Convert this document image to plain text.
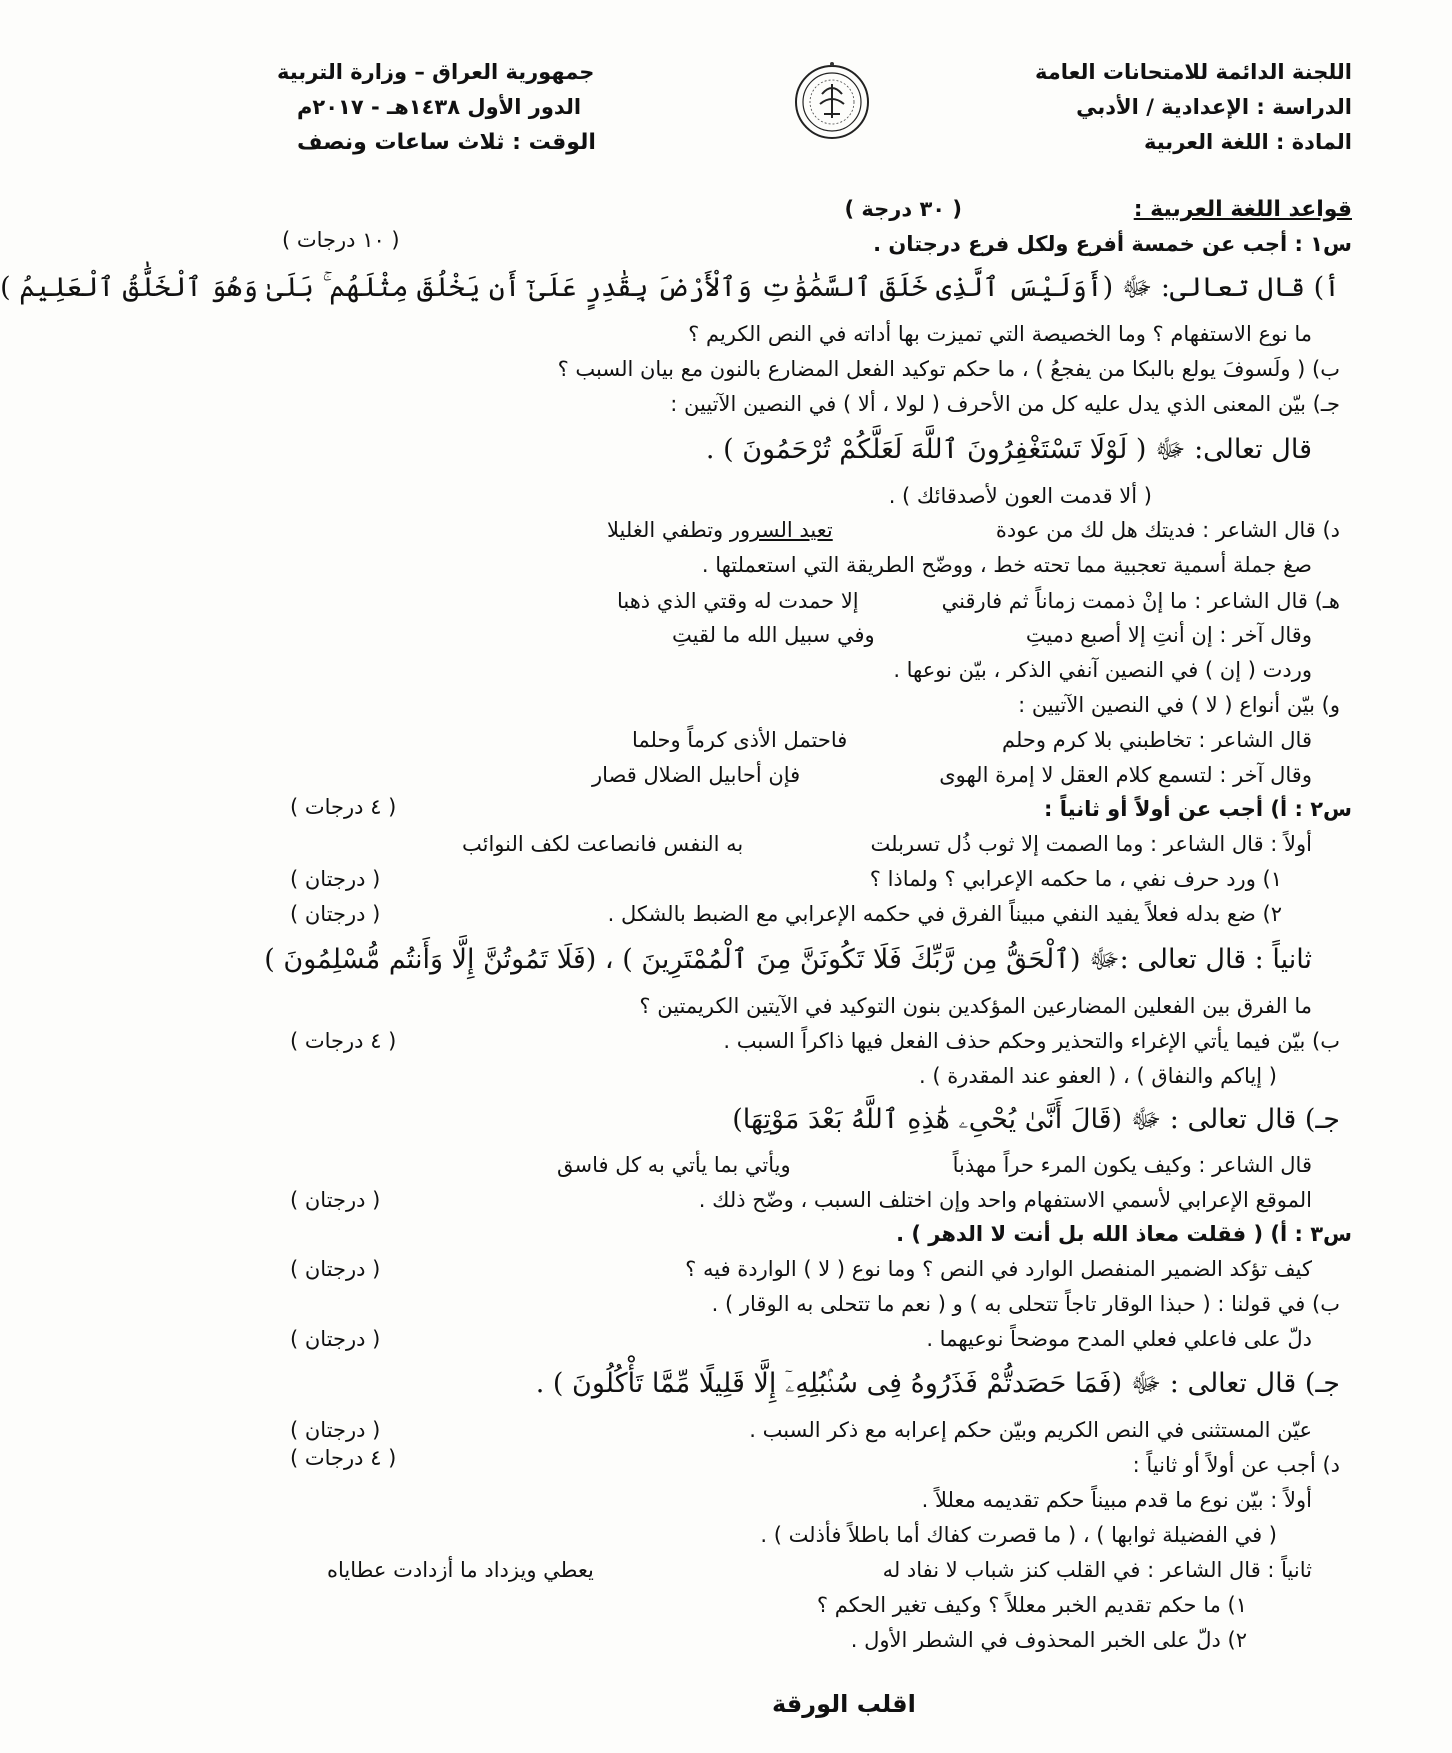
اللجنة الدائمة للامتحانات العامة
الدراسة : الإعدادية / الأدبي
المادة : اللغة العربية
جمهورية العراق – وزارة التربية
الدور الأول ١٤٣٨هـ - ٢٠١٧م
الوقت : ثلاث ساعات ونصف
قواعد اللغة العربية :
( ٣٠ درجة )
س١ : أجب عن خمسة أفرع ولكل فرع درجتان .
( ١٠ درجات )
أ) قال تعالى: ﷻ (أَوَلَيْسَ ٱلَّذِى خَلَقَ ٱلسَّمَٰوَٰتِ وَٱلْأَرْضَ بِقَٰدِرٍ عَلَىٰٓ أَن يَخْلُقَ مِثْلَهُم ۚ بَلَىٰ وَهُوَ ٱلْخَلَّٰقُ ٱلْعَلِيمُ )
ما نوع الاستفهام ؟ وما الخصيصة التي تميزت بها أداته في النص الكريم ؟
ب) ( ولَسوفَ يولع بالبكا من يفجعُ ) ، ما حكم توكيد الفعل المضارع بالنون مع بيان السبب ؟
جـ) بيّن المعنى الذي يدل عليه كل من الأحرف ( لولا ، ألا ) في النصين الآتيين :
قال تعالى: ﷻ ( لَوْلَا تَسْتَغْفِرُونَ ٱللَّهَ لَعَلَّكُمْ تُرْحَمُونَ ) .
( ألا قدمت العون لأصدقائك ) .
د) قال الشاعر : فديتك هل لك من عودة
تعيد السرور وتطفي الغليلا
صغ جملة أسمية تعجبية مما تحته خط ، ووضّح الطريقة التي استعملتها .
هـ) قال الشاعر : ما إنْ ذممت زماناً ثم فارقني
إلا حمدت له وقتي الذي ذهبا
وقال آخر : إن أنتِ إلا أصبع دميتِ
وفي سبيل الله ما لقيتِ
وردت ( إن ) في النصين آنفي الذكر ، بيّن نوعها .
و) بيّن أنواع ( لا ) في النصين الآتيين :
قال الشاعر : تخاطبني بلا كرم وحلم
فاحتمل الأذى كرماً وحلما
وقال آخر : لتسمع كلام العقل لا إمرة الهوى
فإن أحابيل الضلال قصار
س٢ : أ) أجب عن أولاً أو ثانياً :
( ٤ درجات )
أولاً : قال الشاعر : وما الصمت إلا ثوب ذُل تسربلت
به النفس فانصاعت لكف النوائب
١) ورد حرف نفي ، ما حكمه الإعرابي ؟ ولماذا ؟
( درجتان )
٢) ضع بدله فعلاً يفيد النفي مبيناً الفرق في حكمه الإعرابي مع الضبط بالشكل .
( درجتان )
ثانياً : قال تعالى :ﷻ (ٱلْحَقُّ مِن رَّبِّكَ فَلَا تَكُونَنَّ مِنَ ٱلْمُمْتَرِينَ ) ، (فَلَا تَمُوتُنَّ إِلَّا وَأَنتُم مُّسْلِمُونَ )
ما الفرق بين الفعلين المضارعين المؤكدين بنون التوكيد في الآيتين الكريمتين ؟
ب) بيّن فيما يأتي الإغراء والتحذير وحكم حذف الفعل فيها ذاكراً السبب .
( ٤ درجات )
( إياكم والنفاق ) ، ( العفو عند المقدرة ) .
جـ) قال تعالى : ﷻ (قَالَ أَنَّىٰ يُحْىِۦ هَٰذِهِ ٱللَّهُ بَعْدَ مَوْتِهَا)
قال الشاعر : وكيف يكون المرء حراً مهذباً
ويأتي بما يأتي به كل فاسق
الموقع الإعرابي لأسمي الاستفهام واحد وإن اختلف السبب ، وضّح ذلك .
( درجتان )
س٣ : أ) ( فقلت معاذ الله بل أنت لا الدهر ) .
كيف تؤكد الضمير المنفصل الوارد في النص ؟ وما نوع ( لا ) الواردة فيه ؟
( درجتان )
ب) في قولنا : ( حبذا الوقار تاجاً تتحلى به ) و ( نعم ما تتحلى به الوقار ) .
دلّ على فاعلي فعلي المدح موضحاً نوعيهما .
( درجتان )
جـ) قال تعالى : ﷻ (فَمَا حَصَدتُّمْ فَذَرُوهُ فِى سُنۢبُلِهِۦٓ إِلَّا قَلِيلًا مِّمَّا تَأْكُلُونَ ) .
عيّن المستثنى في النص الكريم وبيّن حكم إعرابه مع ذكر السبب .
( درجتان )
د) أجب عن أولاً أو ثانياً :
( ٤ درجات )
أولاً : بيّن نوع ما قدم مبيناً حكم تقديمه معللاً .
( في الفضيلة ثوابها ) ، ( ما قصرت كفاك أما باطلاً فأذلت ) .
ثانياً : قال الشاعر : في القلب كنز شباب لا نفاد له
يعطي ويزداد ما أزدادت عطاياه
١) ما حكم تقديم الخبر معللاً ؟ وكيف تغير الحكم ؟
٢) دلّ على الخبر المحذوف في الشطر الأول .
اقلب الورقة
